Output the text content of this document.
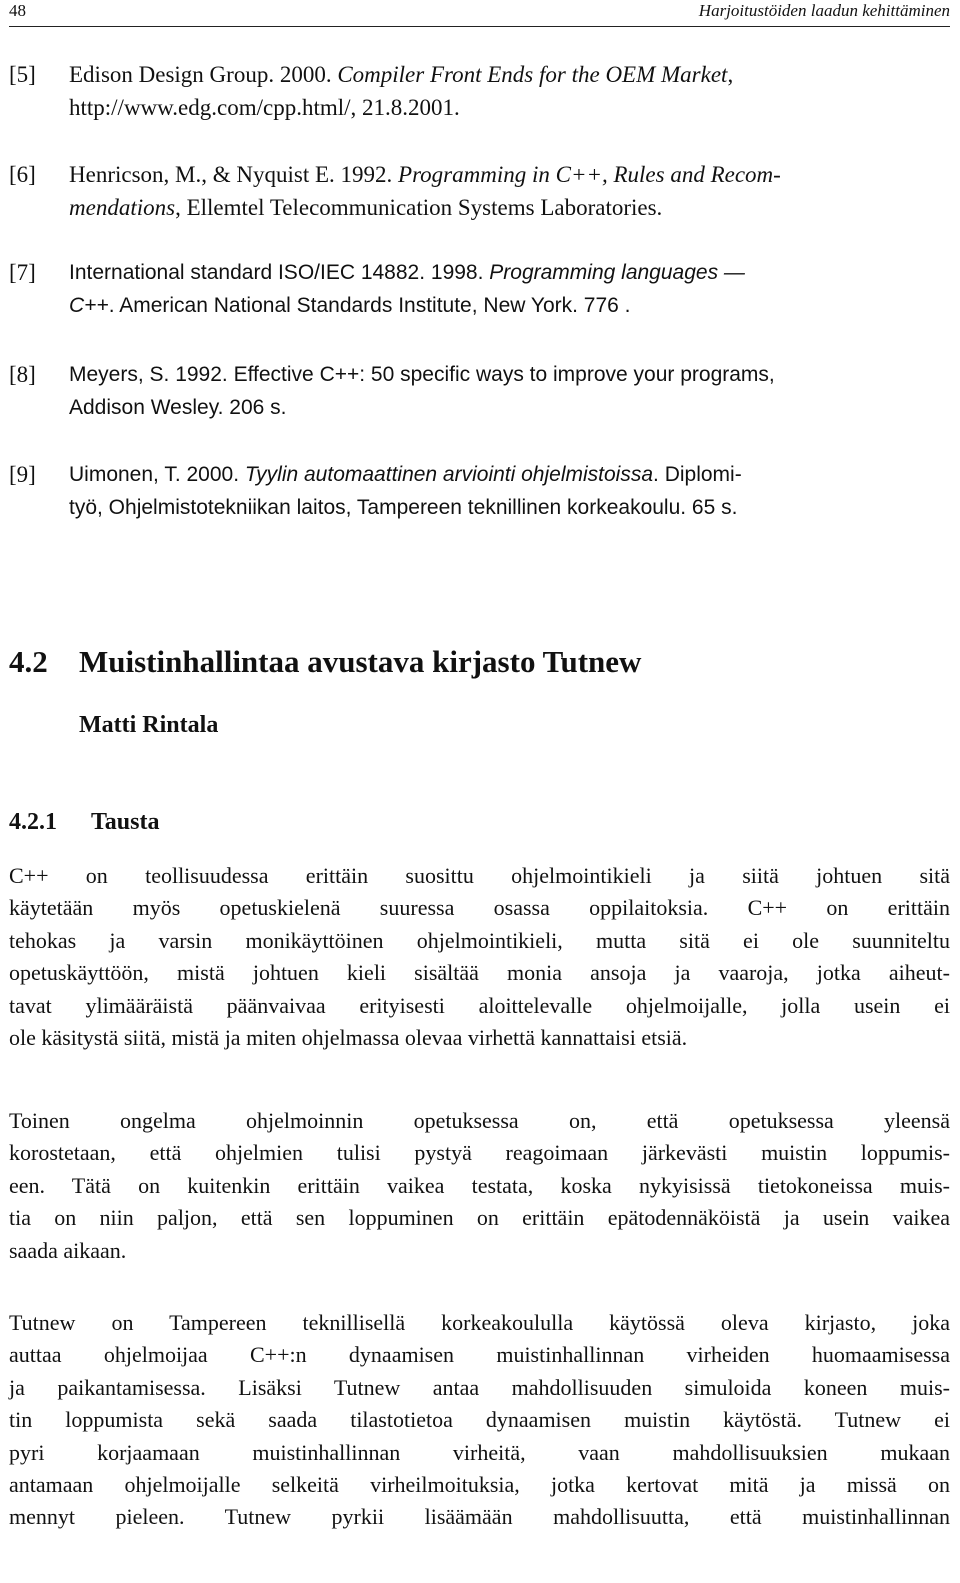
48	Harjoitustöiden laadun kehittäminen
[5] Edison Design Group. 2000. Compiler Front Ends for the OEM Market,
http://www.edg.com/cpp.html/, 21.8.2001.
[6] Henricson, M., & Nyquist E. 1992. Programming in C++, Rules and Recom-
mendations, Ellemtel Telecommunication Systems Laboratories.
[7] International standard ISO/IEC 14882. 1998. Programming languages —
C++. American National Standards Institute, New York. 776 .
[8] Meyers, S. 1992. Effective C++: 50 specific ways to improve your programs,
Addison Wesley. 206 s.
[9] Uimonen, T. 2000. Tyylin automaattinen arviointi ohjelmistoissa. Diplomi-
työ, Ohjelmistotekniikan laitos, Tampereen teknillinen korkeakoulu. 65 s.
4.2 Muistinhallintaa avustava kirjasto Tutnew
Matti Rintala
4.2.1 Tausta
C++ on teollisuudessa erittäin suosittu ohjelmointikieli ja siitä johtuen sitä
käytetään myös opetuskielenä suuressa osassa oppilaitoksia. C++ on erittäin
tehokas ja varsin monikäyttöinen ohjelmointikieli, mutta sitä ei ole suunniteltu
opetuskäyttöön, mistä johtuen kieli sisältää monia ansoja ja vaaroja, jotka aiheut-
tavat ylimääräistä päänvaivaa erityisesti aloittelevalle ohjelmoijalle, jolla usein ei
ole käsitystä siitä, mistä ja miten ohjelmassa olevaa virhettä kannattaisi etsiä.
Toinen ongelma ohjelmoinnin opetuksessa on, että opetuksessa yleensä
korostetaan, että ohjelmien tulisi pystyä reagoimaan järkevästi muistin loppumis-
een. Tätä on kuitenkin erittäin vaikea testata, koska nykyisissä tietokoneissa muis-
tia on niin paljon, että sen loppuminen on erittäin epätodennäköistä ja usein vaikea
saada aikaan.
Tutnew on Tampereen teknillisellä korkeakoululla käytössä oleva kirjasto, joka
auttaa ohjelmoijaa C++:n dynaamisen muistinhallinnan virheiden huomaamisessa
ja paikantamisessa. Lisäksi Tutnew antaa mahdollisuuden simuloida koneen muis-
tin loppumista sekä saada tilastotietoa dynaamisen muistin käytöstä. Tutnew ei
pyri korjaamaan muistinhallinnan virheitä, vaan mahdollisuuksien mukaan
antamaan ohjelmoijalle selkeitä virheilmoituksia, jotka kertovat mitä ja missä on
mennyt pieleen. Tutnew pyrkii lisäämään mahdollisuutta, että muistinhallinnan
